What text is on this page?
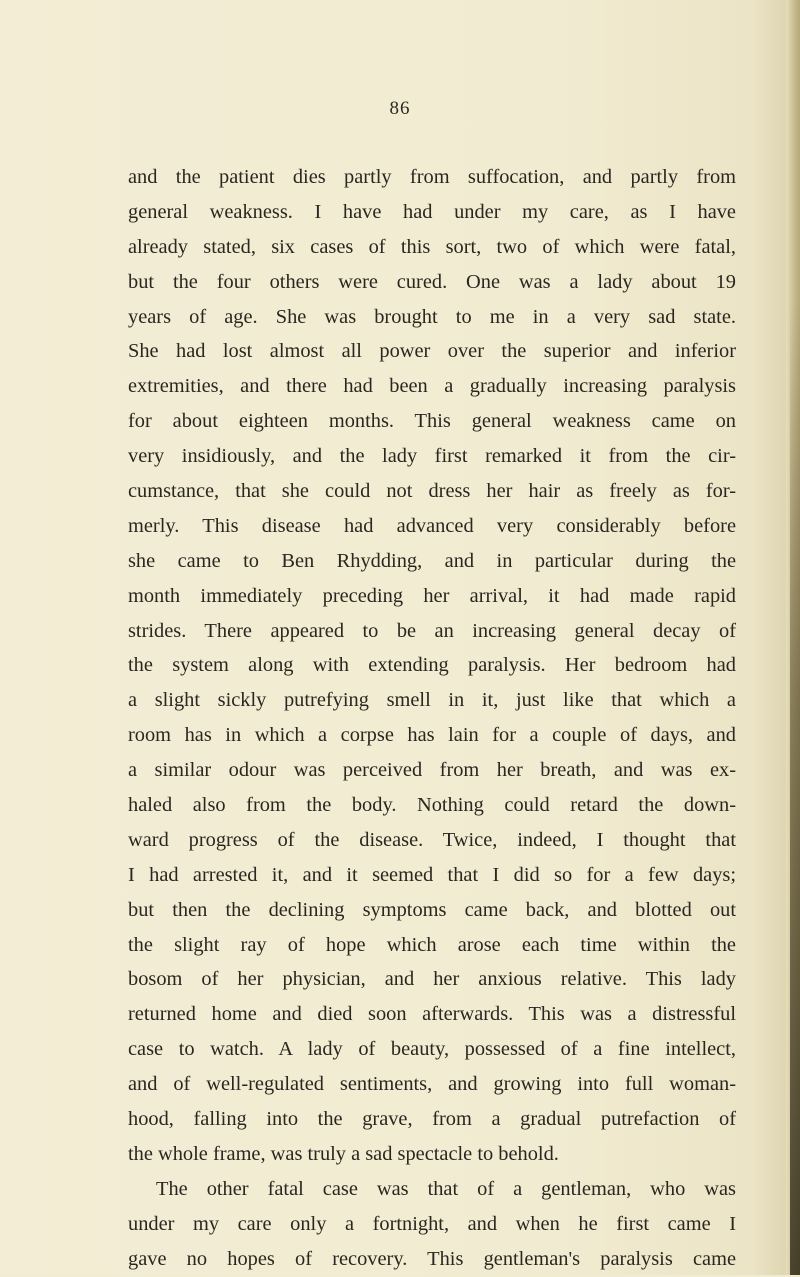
86
and the patient dies partly from suffocation, and partly from
general weakness. I have had under my care, as I have
already stated, six cases of this sort, two of which were fatal,
but the four others were cured. One was a lady about 19
years of age. She was brought to me in a very sad state.
She had lost almost all power over the superior and inferior
extremities, and there had been a gradually increasing paralysis
for about eighteen months. This general weakness came on
very insidiously, and the lady first remarked it from the cir-
cumstance, that she could not dress her hair as freely as for-
merly. This disease had advanced very considerably before
she came to Ben Rhydding, and in particular during the
month immediately preceding her arrival, it had made rapid
strides. There appeared to be an increasing general decay of
the system along with extending paralysis. Her bedroom had
a slight sickly putrefying smell in it, just like that which a
room has in which a corpse has lain for a couple of days, and
a similar odour was perceived from her breath, and was ex-
haled also from the body. Nothing could retard the down-
ward progress of the disease. Twice, indeed, I thought that
I had arrested it, and it seemed that I did so for a few days;
but then the declining symptoms came back, and blotted out
the slight ray of hope which arose each time within the
bosom of her physician, and her anxious relative. This lady
returned home and died soon afterwards. This was a distressful
case to watch. A lady of beauty, possessed of a fine intellect,
and of well-regulated sentiments, and growing into full woman-
hood, falling into the grave, from a gradual putrefaction of
the whole frame, was truly a sad spectacle to behold.
The other fatal case was that of a gentleman, who was
under my care only a fortnight, and when he first came I
gave no hopes of recovery. This gentleman's paralysis came
